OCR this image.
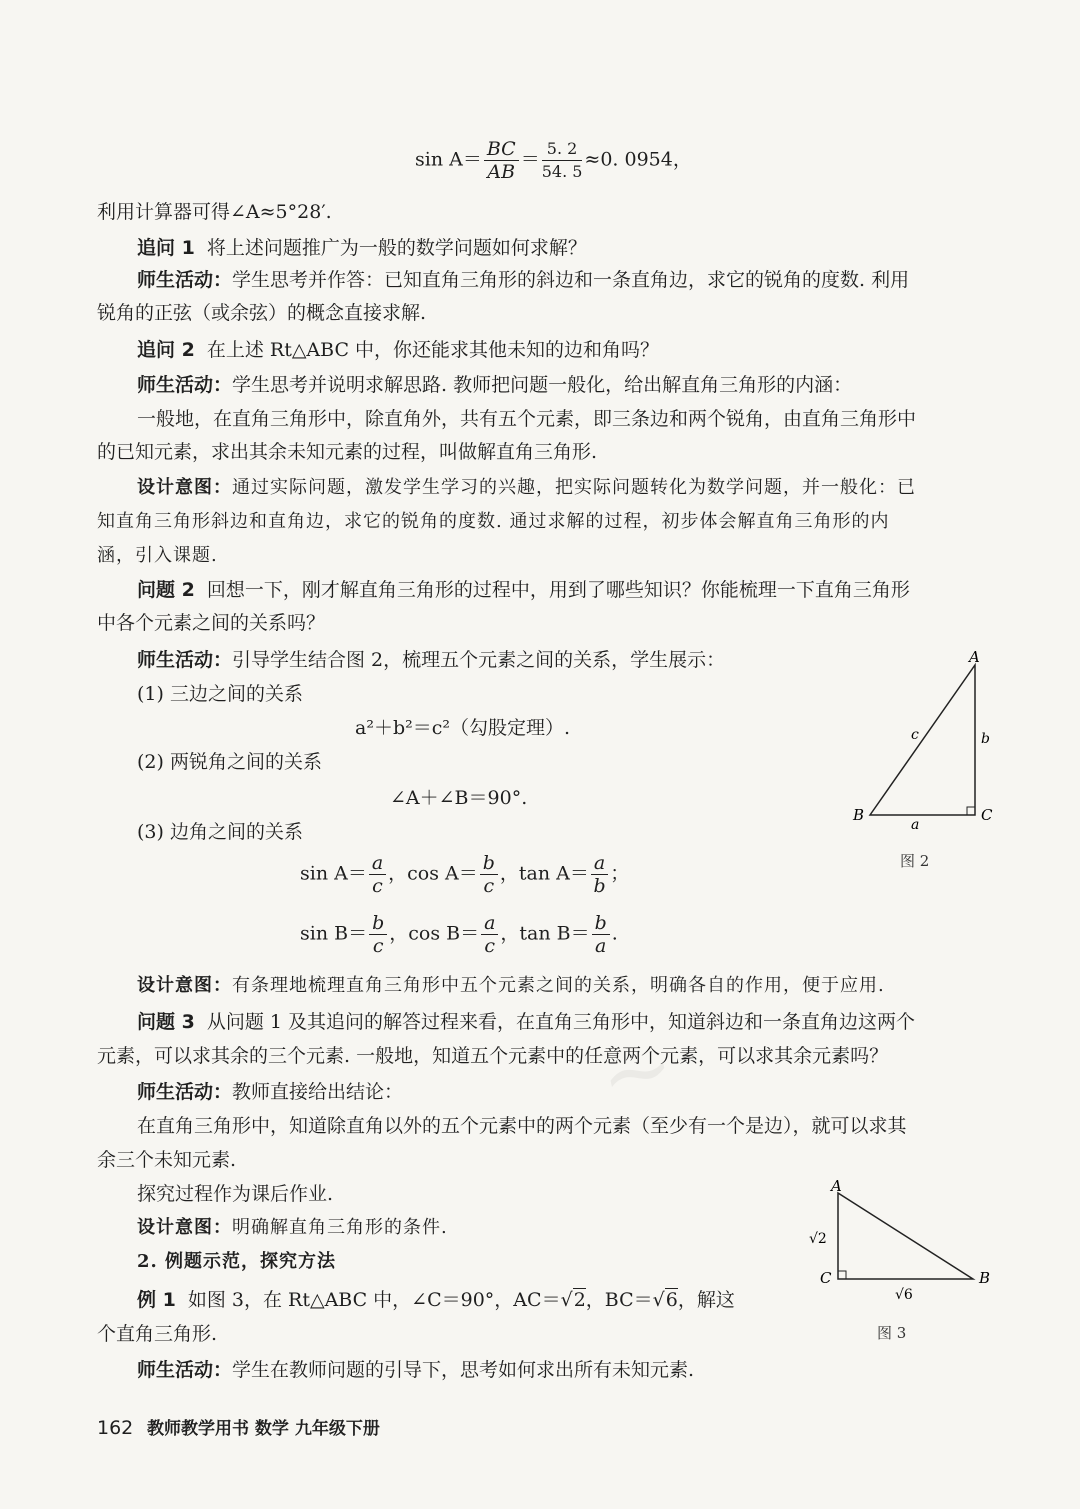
~
$\sin A= \frac{BC}{AB} = \frac{5. 2}{54. 5} \approx 0$. 0954，
利用计算器可得∠A≈5°28′.
追问 1 将上述问题推广为一般的数学问题如何求解？
师生活动：学生思考并作答：已知直角三角形的斜边和一条直角边，求它的锐角的度数. 利用
锐角的正弦（或余弦）的概念直接求解.
追问 2 在上述 Rt△ABC 中，你还能求其他未知的边和角吗？
师生活动：学生思考并说明求解思路. 教师把问题一般化，给出解直角三角形的内涵：
一般地，在直角三角形中，除直角外，共有五个元素，即三条边和两个锐角，由直角三角形中
的已知元素，求出其余未知元素的过程，叫做解直角三角形.
设计意图：通过实际问题，激发学生学习的兴趣，把实际问题转化为数学问题，并一般化：已
知直角三角形斜边和直角边，求它的锐角的度数. 通过求解的过程，初步体会解直角三角形的内
涵，引入课题.
问题 2 回想一下，刚才解直角三角形的过程中，用到了哪些知识？你能梳理一下直角三角形
中各个元素之间的关系吗？
师生活动：引导学生结合图 2，梳理五个元素之间的关系，学生展示：
(1) 三边之间的关系
a²＋b²＝c²（勾股定理）.
(2) 两锐角之间的关系
∠A＋∠B＝90°.
(3) 边角之间的关系
$\sin A= \frac{a}{c}$ ，$\cos A= \frac{b}{c}$ ，$\tan A= \frac{a}{b}$ ；
$\sin B= \frac{b}{c}$ ，$\cos B= \frac{a}{c}$ ，$\tan B= \frac{b}{a}$ .
设计意图：有条理地梳理直角三角形中五个元素之间的关系，明确各自的作用，便于应用.
问题 3 从问题 1 及其追问的解答过程来看，在直角三角形中，知道斜边和一条直角边这两个
元素，可以求其余的三个元素. 一般地，知道五个元素中的任意两个元素，可以求其余元素吗？
师生活动：教师直接给出结论：
在直角三角形中，知道除直角以外的五个元素中的两个元素（至少有一个是边），就可以求其
余三个未知元素.
探究过程作为课后作业.
设计意图：明确解直角三角形的条件.
2. 例题示范，探究方法
例 1 如图 3，在 Rt△ABC 中，∠C＝90°，AC＝√2，BC＝√6，解这
个直角三角形.
师生活动：学生在教师问题的引导下，思考如何求出所有未知元素.
A
B	C
a
b
c
图 2
A
C	B
√2
√6
图 3
162 教师教学用书 数学 九年级下册
